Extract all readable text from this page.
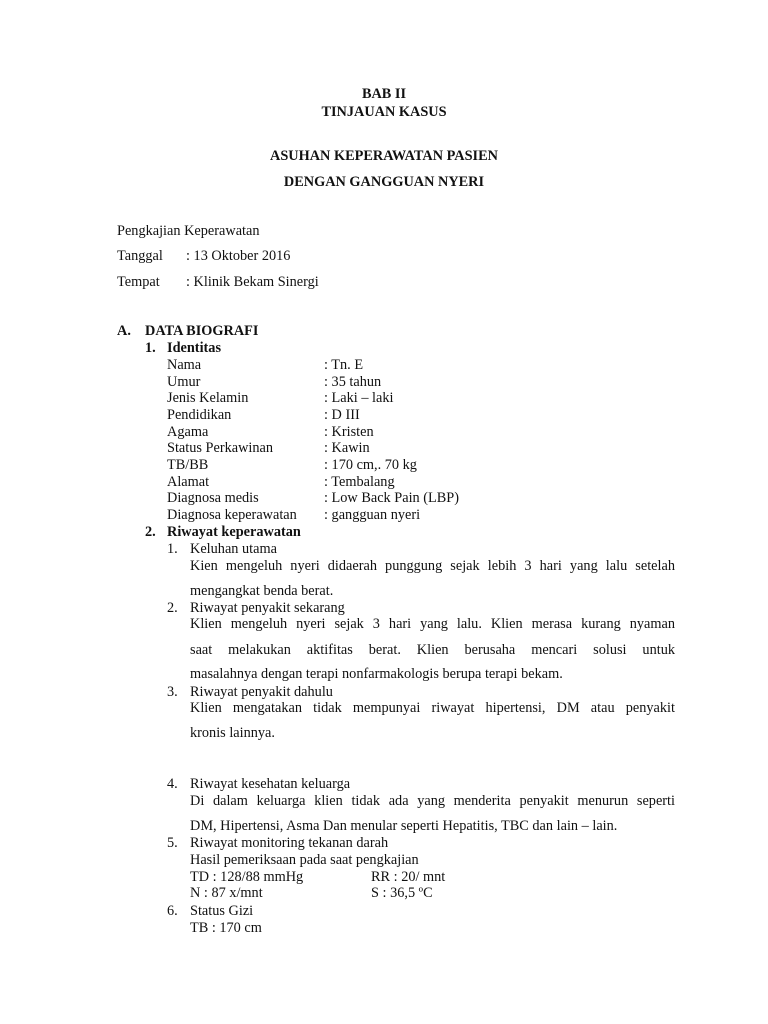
BAB II
TINJAUAN KASUS
ASUHAN KEPERAWATAN PASIEN
DENGAN GANGGUAN NYERI
Pengkajian Keperawatan
Tanggal : 13 Oktober 2016
Tempat : Klinik Bekam Sinergi
A. DATA BIOGRAFI
1. Identitas
Nama	: Tn. E
Umur	: 35 tahun
Jenis Kelamin	: Laki – laki
Pendidikan	: D III
Agama	: Kristen
Status Perkawinan	: Kawin
TB/BB	: 170 cm,. 70 kg
Alamat	: Tembalang
Diagnosa medis	: Low Back Pain (LBP)
Diagnosa keperawatan : gangguan nyeri
2. Riwayat keperawatan
1. Keluhan utama
Kien mengeluh nyeri didaerah punggung sejak lebih 3 hari yang lalu setelah
mengangkat benda berat.
2. Riwayat penyakit sekarang
Klien mengeluh nyeri sejak 3 hari yang lalu. Klien merasa kurang nyaman
saat melakukan aktifitas berat. Klien berusaha mencari solusi untuk
masalahnya dengan terapi nonfarmakologis berupa terapi bekam.
3. Riwayat penyakit dahulu
Klien mengatakan tidak mempunyai riwayat hipertensi, DM atau penyakit
kronis lainnya.
4. Riwayat kesehatan keluarga
Di dalam keluarga klien tidak ada yang menderita penyakit menurun seperti
DM, Hipertensi, Asma Dan menular seperti Hepatitis, TBC dan lain – lain.
5. Riwayat monitoring tekanan darah
Hasil pemeriksaan pada saat pengkajian
TD : 128/88 mmHg	RR : 20/ mnt
N : 87 x/mnt	S : 36,5 ºC
6. Status Gizi
TB : 170 cm
